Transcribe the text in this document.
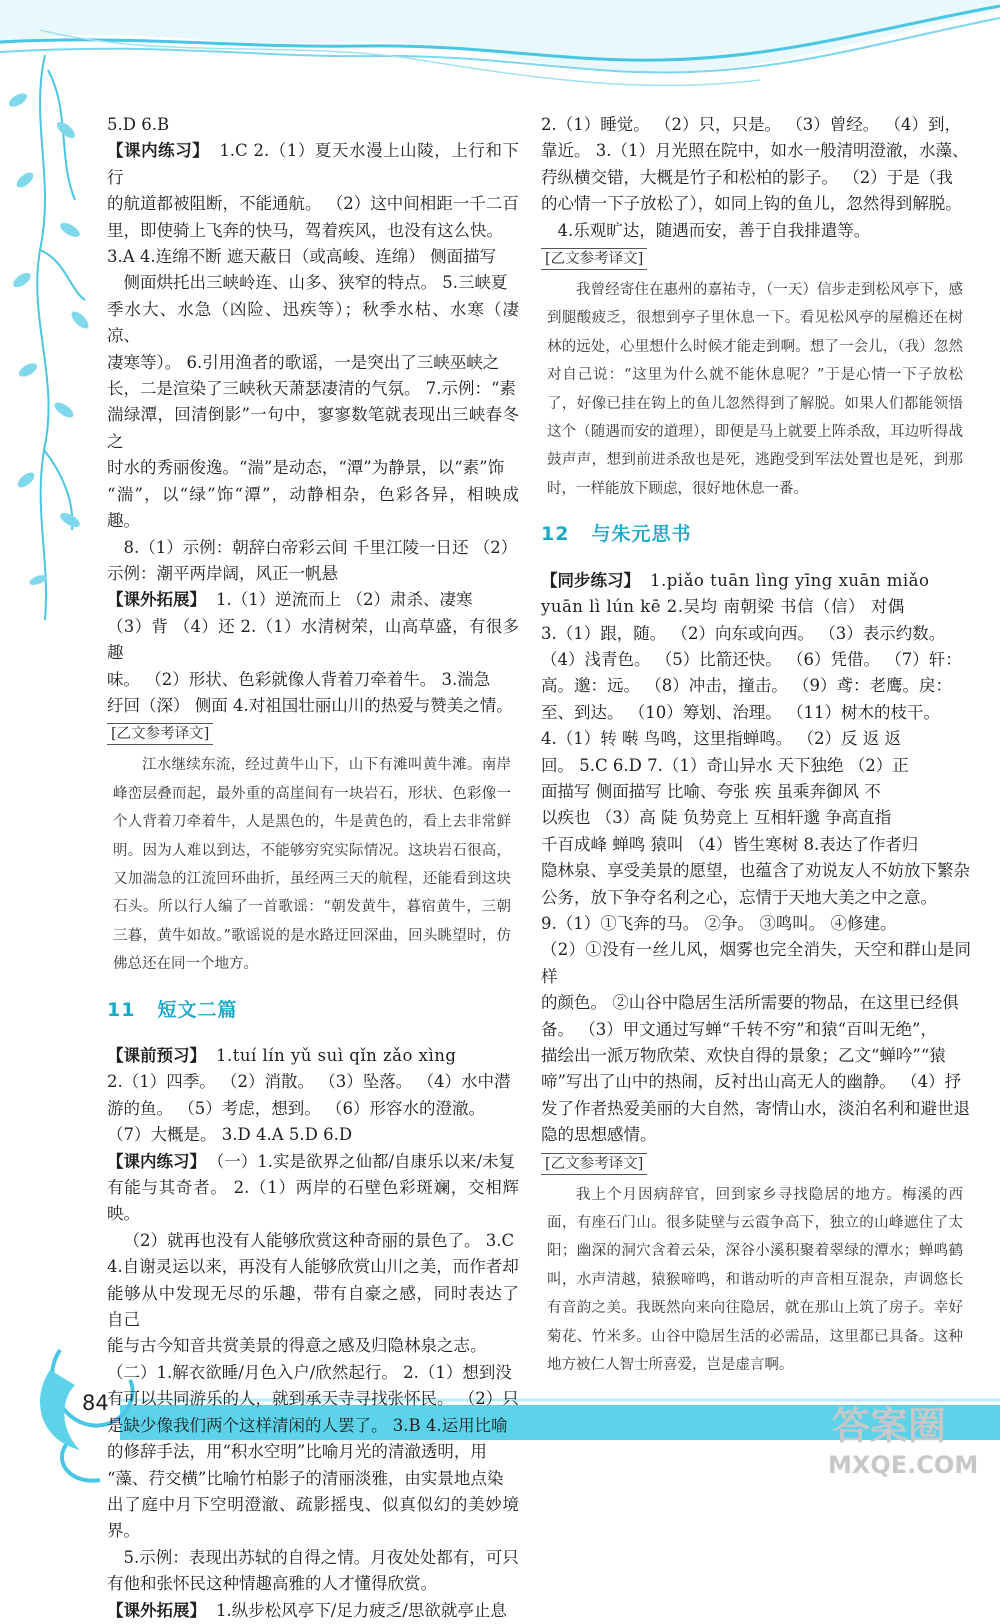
84

5.D 6.B

【课内练习】 1.C 2.（1）夏天水漫上山陵，上行和下行

的航道都被阻断，不能通航。 （2）这中间相距一千二百

里，即使骑上飞奔的快马，驾着疾风，也没有这么快。

3.A 4.连绵不断 遮天蔽日（或高峻、连绵） 侧面描写

侧面烘托出三峡岭连、山多、狭窄的特点。 5.三峡夏

季水大、水急（凶险、迅疾等）；秋季水枯、水寒（凄凉、

凄寒等）。 6.引用渔者的歌谣，一是突出了三峡巫峡之

长，二是渲染了三峡秋天萧瑟凄清的气氛。 7.示例：“素

湍绿潭，回清倒影”一句中，寥寥数笔就表现出三峡春冬之

时水的秀丽俊逸。“湍”是动态，“潭”为静景，以“素”饰

“湍”，以“绿”饰“潭”，动静相杂，色彩各异，相映成趣。

8.（1）示例：朝辞白帝彩云间 千里江陵一日还 （2）

示例：潮平两岸阔，风正一帆悬

【课外拓展】 1.（1）逆流而上 （2）肃杀、凄寒

（3）背 （4）还 2.（1）水清树荣，山高草盛，有很多趣

味。 （2）形状、色彩就像人背着刀牵着牛。 3.湍急

纡回（深） 侧面 4.对祖国壮丽山川的热爱与赞美之情。

[乙文参考译文]

江水继续东流，经过黄牛山下，山下有滩叫黄牛滩。南岸峰峦层叠而起，最外重的高崖间有一块岩石，形状、色彩像一个人背着刀牵着牛，人是黑色的，牛是黄色的，看上去非常鲜明。因为人难以到达，不能够穷究实际情况。这块岩石很高，又加湍急的江流回环曲折，虽经两三天的航程，还能看到这块石头。所以行人编了一首歌谣：“朝发黄牛，暮宿黄牛，三朝三暮，黄牛如故。”歌谣说的是水路迂回深曲，回头眺望时，仿佛总还在同一个地方。

11 短文二篇

【课前预习】 1.tuí lín yǔ suì qǐn zǎo xìng

2.（1）四季。 （2）消散。 （3）坠落。 （4）水中潜

游的鱼。 （5）考虑，想到。 （6）形容水的澄澈。

（7）大概是。 3.D 4.A 5.D 6.D

【课内练习】 （一）1.实是欲界之仙都/自康乐以来/未复

有能与其奇者。 2.（1）两岸的石壁色彩斑斓，交相辉映。

（2）就再也没有人能够欣赏这种奇丽的景色了。 3.C

4.自谢灵运以来，再没有人能够欣赏山川之美，而作者却

能够从中发现无尽的乐趣，带有自豪之感，同时表达了自己

能与古今知音共赏美景的得意之感及归隐林泉之志。

（二）1.解衣欲睡/月色入户/欣然起行。 2.（1）想到没

有可以共同游乐的人，就到承天寺寻找张怀民。 （2）只

是缺少像我们两个这样清闲的人罢了。 3.B 4.运用比喻

的修辞手法，用“积水空明”比喻月光的清澈透明，用

“藻、荇交横”比喻竹柏影子的清丽淡雅，由实景地点染

出了庭中月下空明澄澈、疏影摇曳、似真似幻的美妙境界。

5.示例：表现出苏轼的自得之情。月夜处处都有，可只

有他和张怀民这种情趣高雅的人才懂得欣赏。

【课外拓展】 1.纵步松风亭下/足力疲乏/思欲就亭止息

2.（1）睡觉。 （2）只，只是。 （3）曾经。 （4）到，

靠近。 3.（1）月光照在院中，如水一般清明澄澈，水藻、

荇纵横交错，大概是竹子和松柏的影子。 （2）于是（我

的心情一下子放松了），如同上钩的鱼儿，忽然得到解脱。

4.乐观旷达，随遇而安，善于自我排遣等。

[乙文参考译文]

我曾经寄住在惠州的嘉祐寺，（一天）信步走到松风亭下，感到腿酸疲乏，很想到亭子里休息一下。看见松风亭的屋檐还在树林的远处，心里想什么时候才能走到啊。想了一会儿，（我）忽然对自己说：“这里为什么就不能休息呢？”于是心情一下子放松了，好像已挂在钩上的鱼儿忽然得到了解脱。如果人们都能领悟这个（随遇而安的道理），即便是马上就要上阵杀敌，耳边听得战鼓声声，想到前进杀敌也是死，逃跑受到军法处置也是死，到那时，一样能放下顾虑，很好地休息一番。

12 与朱元思书

【同步练习】 1.piǎo tuān lìng yīng xuān miǎo

yuān lì lún kē 2.吴均 南朝梁 书信（信） 对偶

3.（1）跟，随。 （2）向东或向西。 （3）表示约数。

（4）浅青色。 （5）比箭还快。 （6）凭借。 （7）轩：

高。邈：远。 （8）冲击，撞击。 （9）鸢：老鹰。戾：

至、到达。 （10）筹划、治理。 （11）树木的枝干。

4.（1）转 啭 鸟鸣，这里指蝉鸣。 （2）反 返 返

回。 5.C 6.D 7.（1）奇山异水 天下独绝 （2）正

面描写 侧面描写 比喻、夸张 疾 虽乘奔御风 不

以疾也 （3）高 陡 负势竞上 互相轩邈 争高直指

千百成峰 蝉鸣 猿叫 （4）皆生寒树 8.表达了作者归

隐林泉、享受美景的愿望，也蕴含了劝说友人不妨放下繁杂

公务，放下争夺名利之心，忘情于天地大美之中之意。

9.（1）①飞奔的马。 ②争。 ③鸣叫。 ④修建。

（2）①没有一丝儿风，烟雾也完全消失，天空和群山是同样

的颜色。 ②山谷中隐居生活所需要的物品，在这里已经俱

备。 （3）甲文通过写蝉“千转不穷”和猿“百叫无绝”，

描绘出一派万物欣荣、欢快自得的景象；乙文“蝉吟”“猿

啼”写出了山中的热闹，反衬出山高无人的幽静。 （4）抒

发了作者热爱美丽的大自然，寄情山水，淡泊名利和避世退

隐的思想感情。

[乙文参考译文]

我上个月因病辞官，回到家乡寻找隐居的地方。梅溪的西面，有座石门山。很多陡壁与云霞争高下，独立的山峰遮住了太阳；幽深的洞穴含着云朵，深谷小溪积聚着翠绿的潭水；蝉鸣鹤叫，水声清越，猿猴啼鸣，和谐动听的声音相互混杂，声调悠长有音韵之美。我既然向来向往隐居，就在那山上筑了房子。幸好菊花、竹米多。山谷中隐居生活的必需品，这里都已具备。这种地方被仁人智士所喜爱，岂是虚言啊。

答案圈
MXQE.COM
